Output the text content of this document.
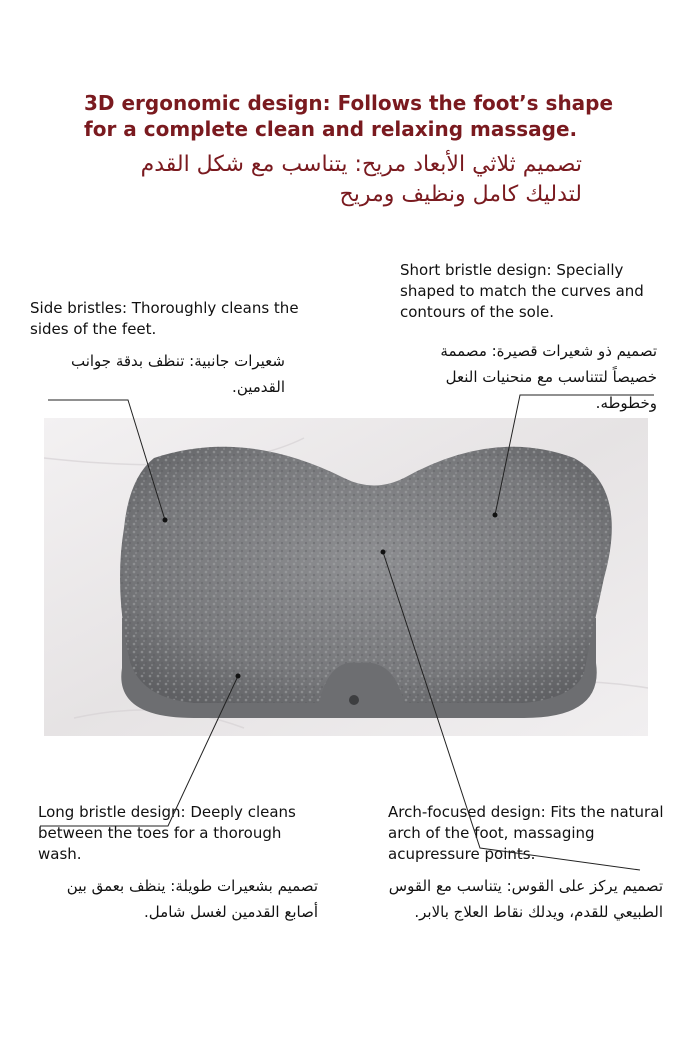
3D ergonomic design: Follows the foot’s shape for a complete clean and relaxing massage.

تصميم ثلاثي الأبعاد مريح: يتناسب مع شكل القدم لتدليك كامل ونظيف ومريح

Side bristles: Thoroughly cleans the sides of the feet.
شعيرات جانبية: تنظف بدقة جوانب القدمين.
Short bristle design: Specially shaped to match the curves and contours of the sole.
تصميم ذو شعيرات قصيرة: مصممة خصيصاً لتتناسب مع منحنيات النعل وخطوطه.
Long bristle design: Deeply cleans between the toes for a thorough wash.
تصميم بشعيرات طويلة: ينظف بعمق بين أصابع القدمين لغسل شامل.
Arch-focused design: Fits the natural arch of the foot, massaging acupressure points.
تصميم يركز على القوس: يتناسب مع القوس الطبيعي للقدم، ويدلك نقاط العلاج بالابر.
